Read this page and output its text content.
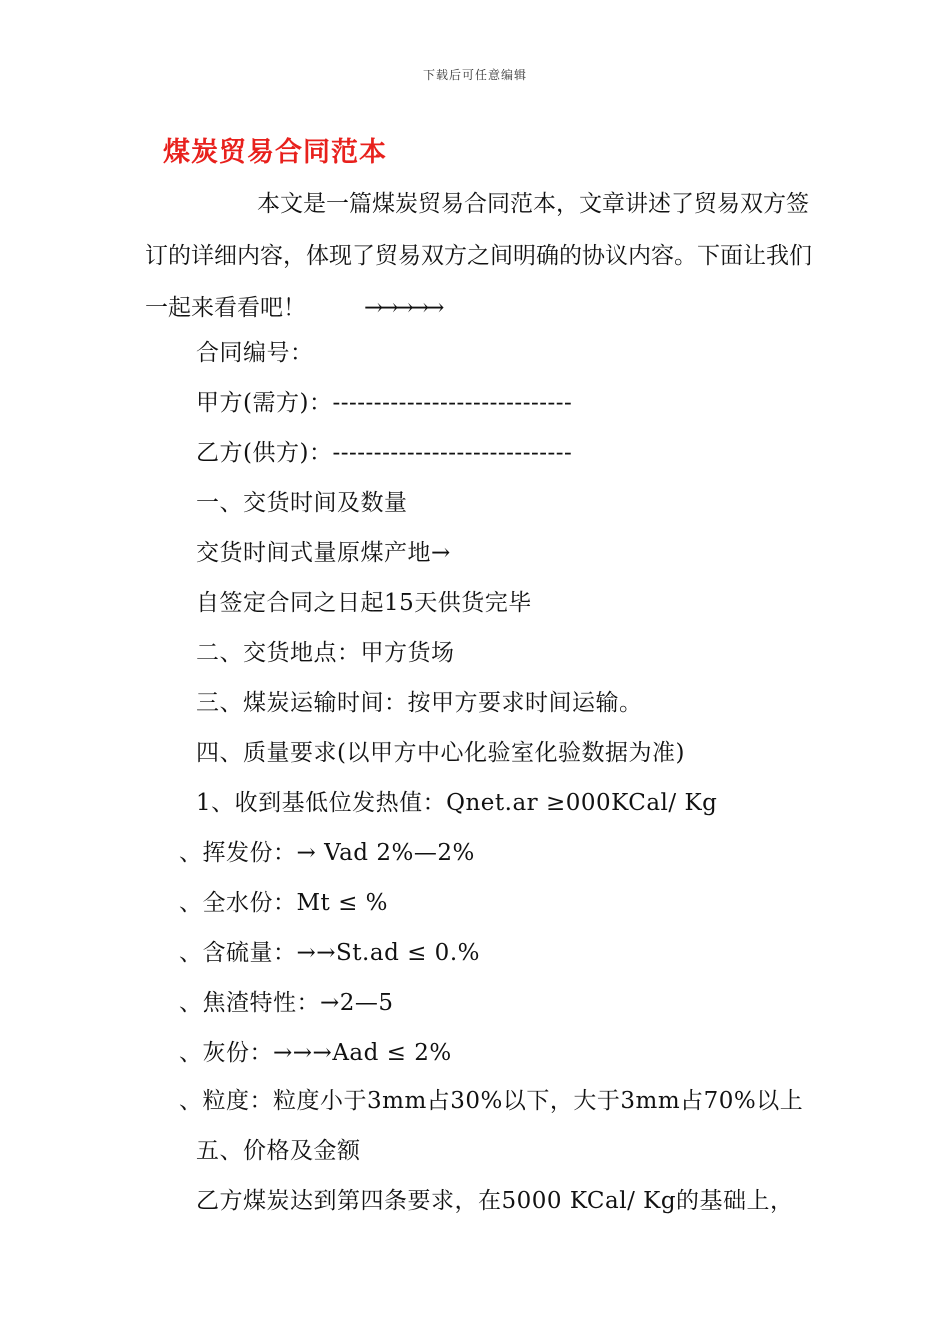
下载后可任意编辑
煤炭贸易合同范本
本文是一篇煤炭贸易合同范本，文章讲述了贸易双方签订的详细内容，体现了贸易双方之间明确的协议内容。下面让我们一起来看看吧！	→→→→→
合同编号：
甲方(需方)：-----------------------------
乙方(供方)：-----------------------------
一、交货时间及数量
交货时间式量原煤产地→
自签定合同之日起15天供货完毕
二、交货地点：甲方货场
三、煤炭运输时间：按甲方要求时间运输。
四、质量要求(以甲方中心化验室化验数据为准)
1、收到基低位发热值：Qnet.ar ≥000KCal/ Kg
、挥发份：→ Vad 2%—2%
、全水份：Mt ≤ %
、含硫量：→→St.ad ≤ 0.%
、焦渣特性：→2—5
、灰份：→→→Aad ≤ 2%
、粒度：粒度小于3mm占30%以下，大于3mm占70%以上
五、价格及金额
乙方煤炭达到第四条要求，在5000 KCal/ Kg的基础上，
